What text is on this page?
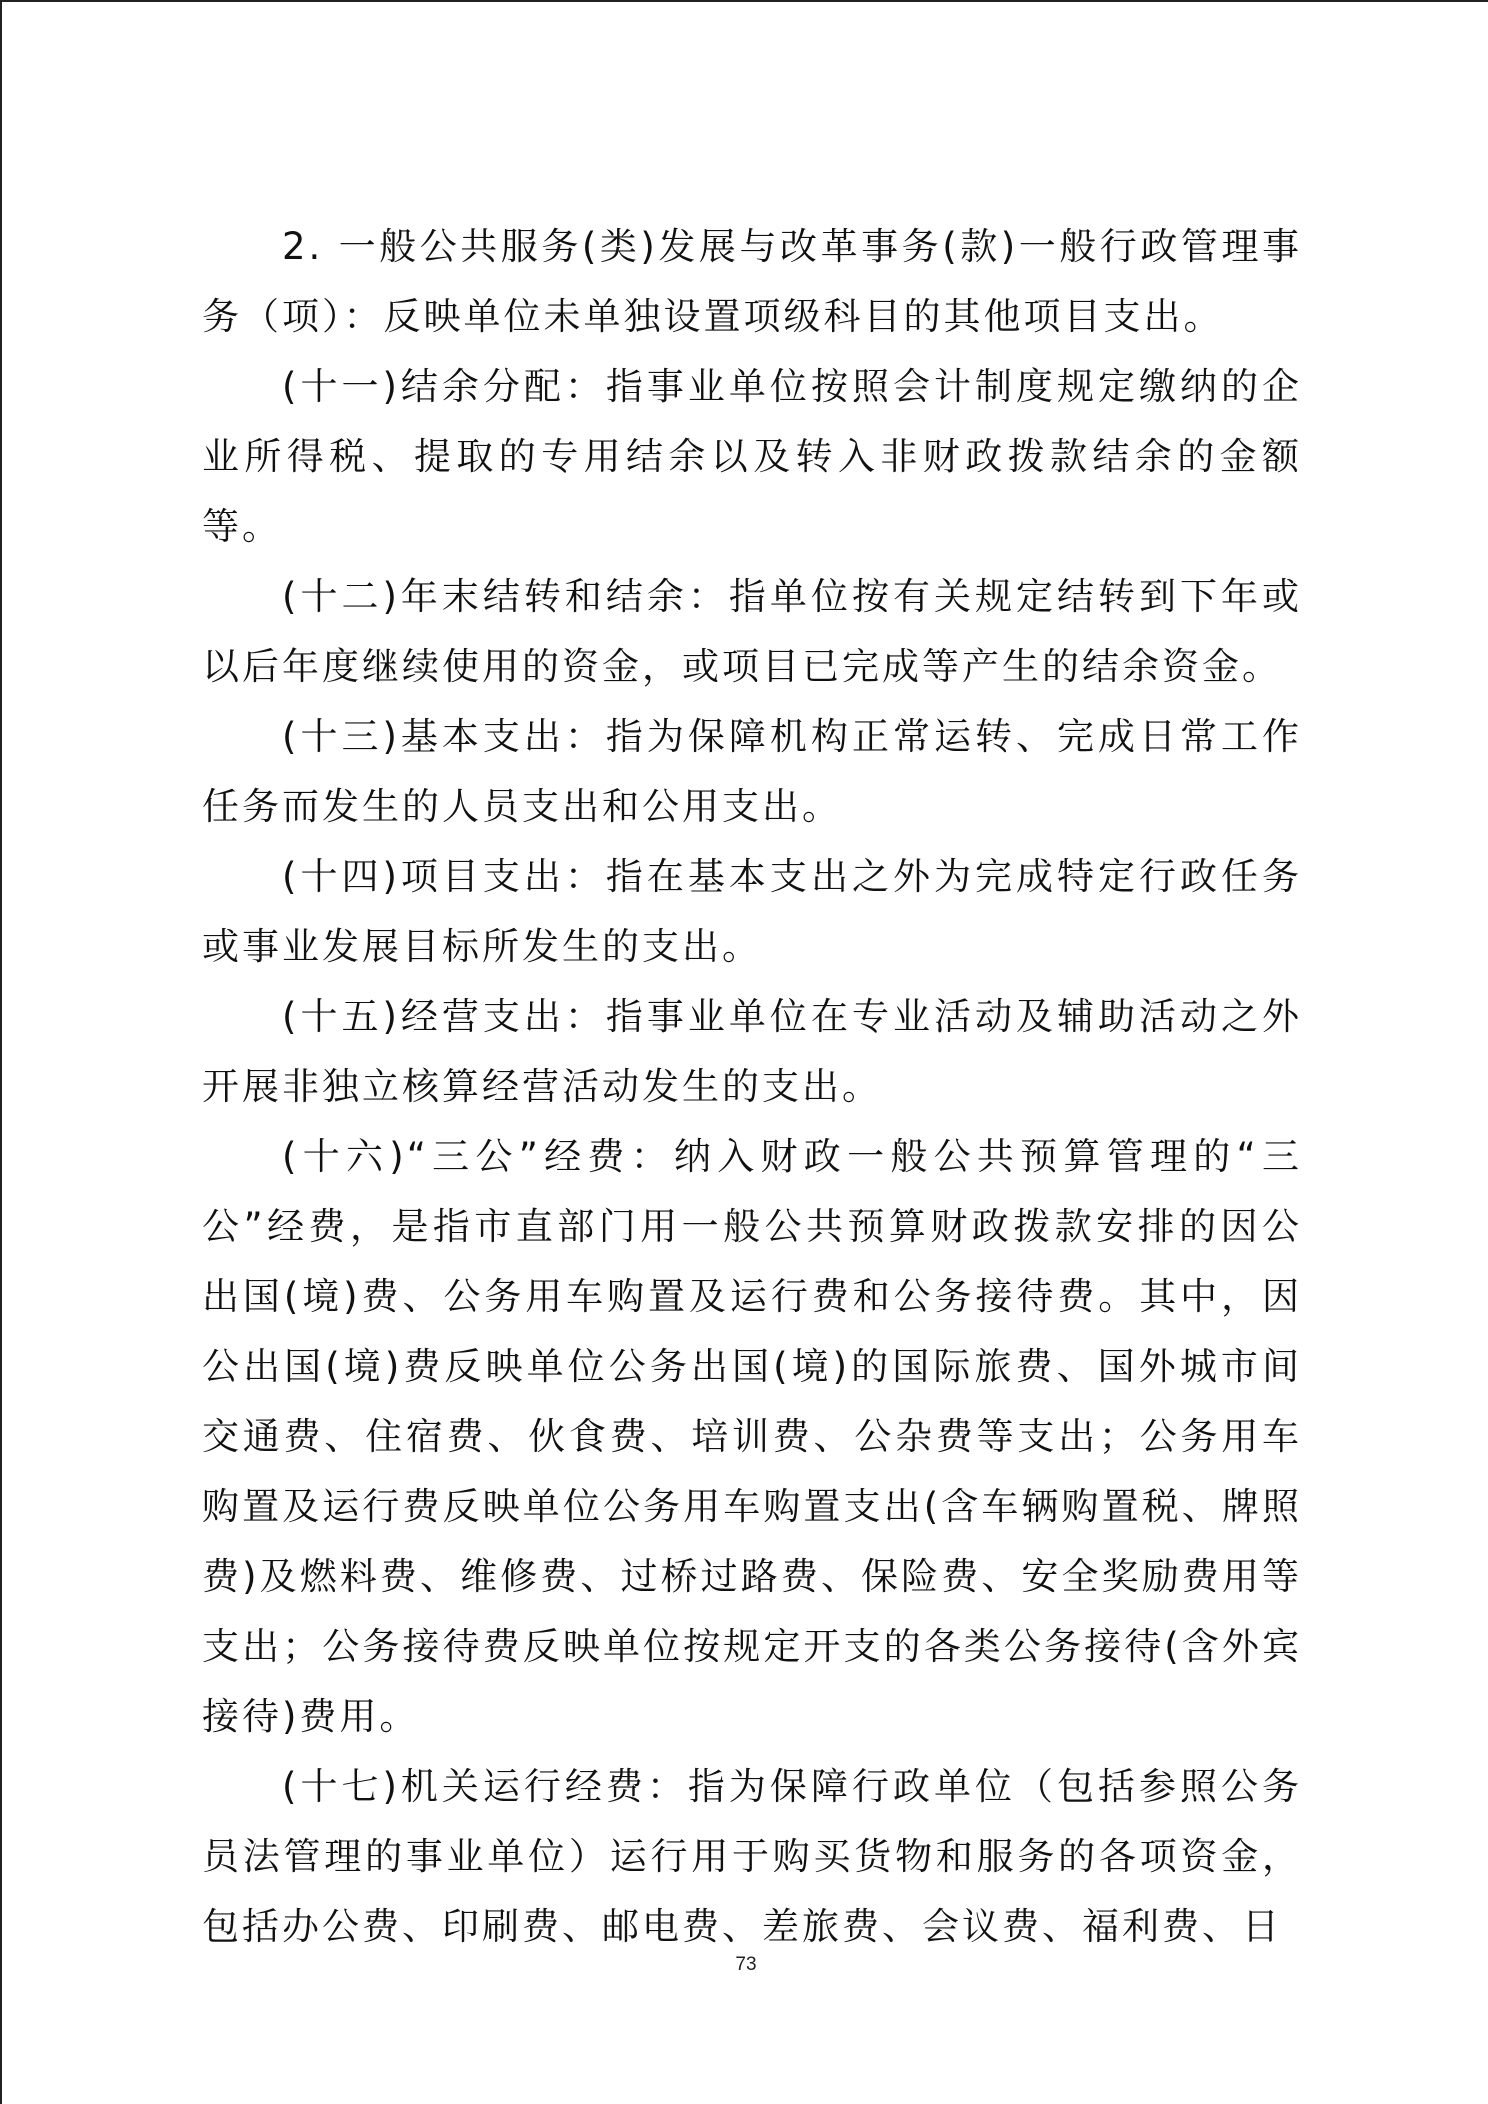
2. 一般公共服务(类)发展与改革事务(款)一般行政管理事务（项）：反映单位未单独设置项级科目的其他项目支出。

(十一)结余分配：指事业单位按照会计制度规定缴纳的企业所得税、提取的专用结余以及转入非财政拨款结余的金额等。

(十二)年末结转和结余：指单位按有关规定结转到下年或以后年度继续使用的资金，或项目已完成等产生的结余资金。

(十三)基本支出：指为保障机构正常运转、完成日常工作任务而发生的人员支出和公用支出。

(十四)项目支出：指在基本支出之外为完成特定行政任务或事业发展目标所发生的支出。

(十五)经营支出：指事业单位在专业活动及辅助活动之外开展非独立核算经营活动发生的支出。

(十六)“三公”经费：纳入财政一般公共预算管理的“三公”经费，是指市直部门用一般公共预算财政拨款安排的因公出国(境)费、公务用车购置及运行费和公务接待费。其中，因公出国(境)费反映单位公务出国(境)的国际旅费、国外城市间交通费、住宿费、伙食费、培训费、公杂费等支出；公务用车购置及运行费反映单位公务用车购置支出(含车辆购置税、牌照费)及燃料费、维修费、过桥过路费、保险费、安全奖励费用等支出；公务接待费反映单位按规定开支的各类公务接待(含外宾接待)费用。

(十七)机关运行经费：指为保障行政单位（包括参照公务员法管理的事业单位）运行用于购买货物和服务的各项资金，包括办公费、印刷费、邮电费、差旅费、会议费、福利费、日

73
